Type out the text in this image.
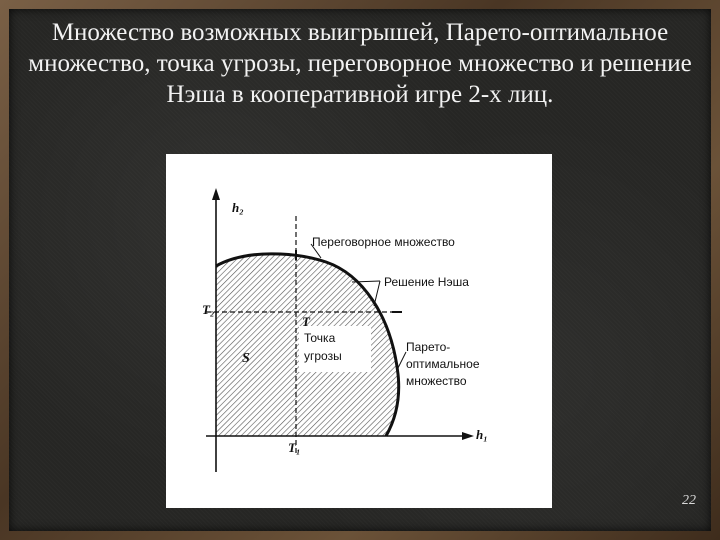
Множество возможных выигрышей, Парето-оптимальное множество, точка угрозы, переговорное множество и решение Нэша в кооперативной игре 2-х лиц.
h₂
h₁
T₂
T₁
S
T
Точка
угрозы
Переговорное множество
Решение Нэша
Парето-
оптимальное
множество
22
